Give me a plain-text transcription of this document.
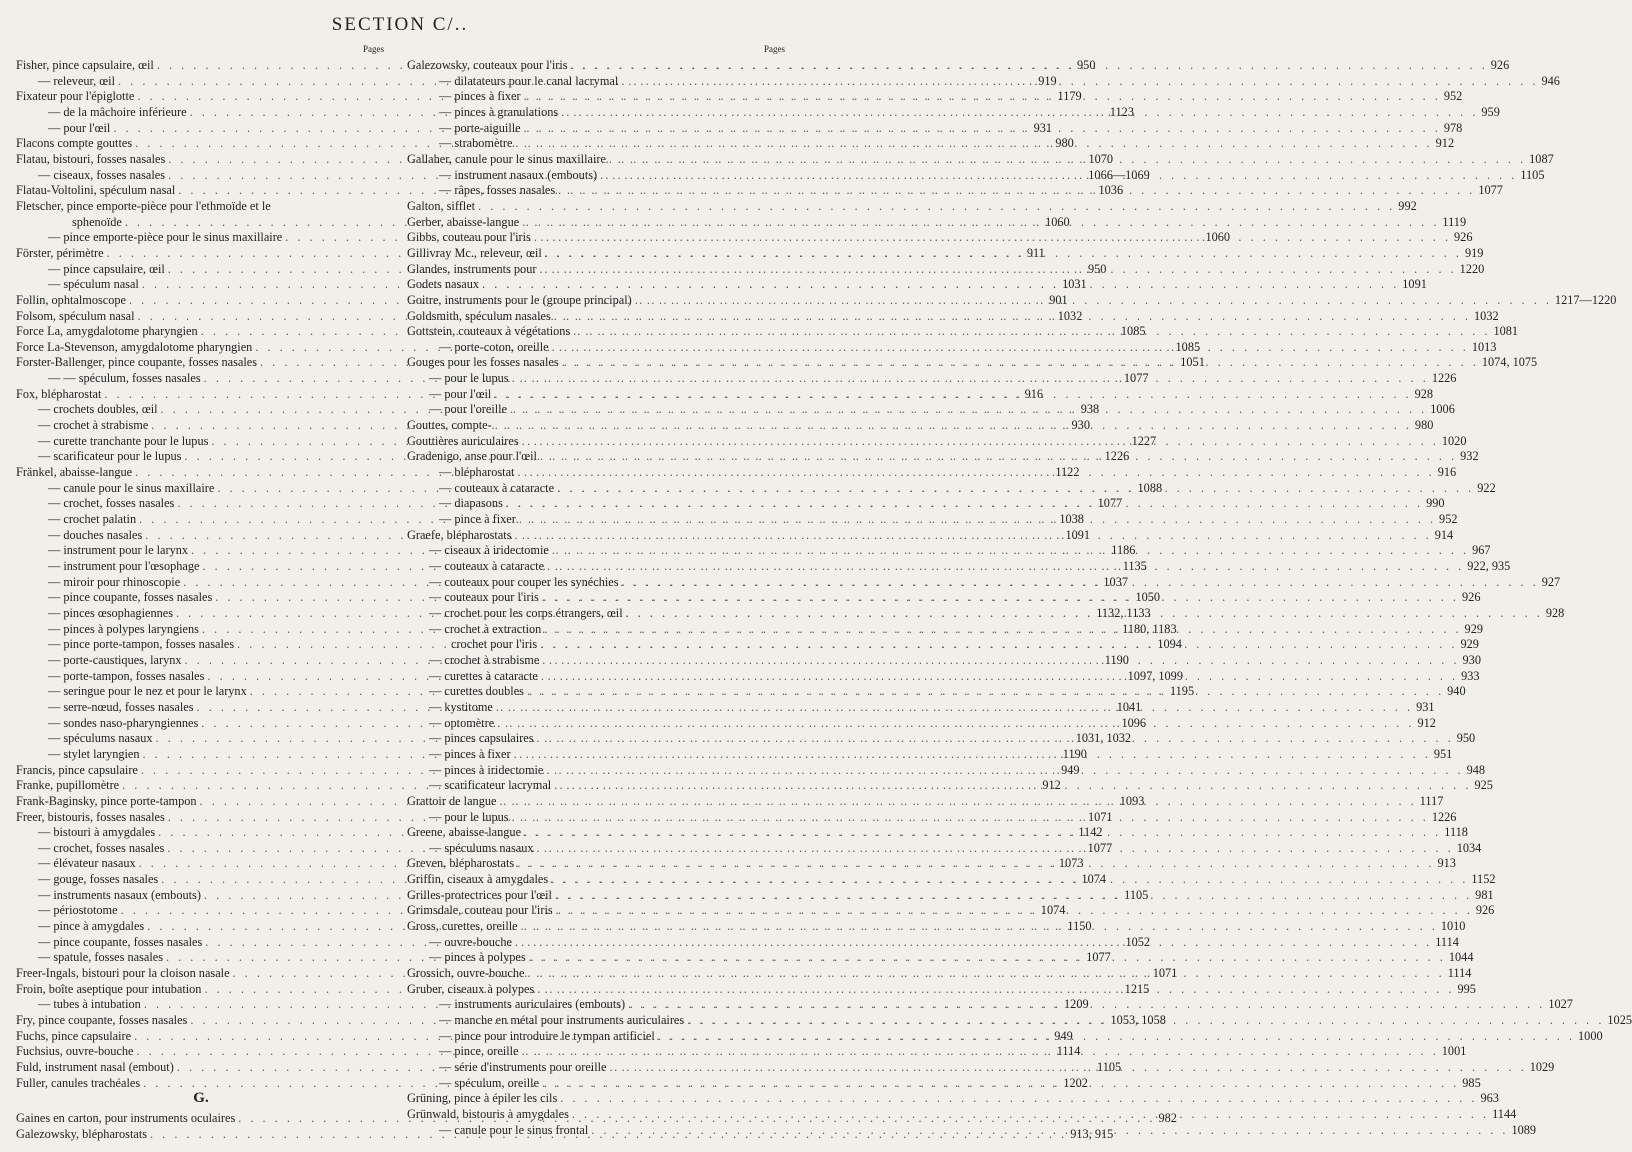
SECTION C/..
Pages
Fisher, pince capsulaire, œil . . .	950
— releveur, œil . . .	919
Fixateur pour l'épiglotte . . .	1179
— de la mâchoire inférieure . . .	1123
— pour l'œil . . .	931
Flacons compte gouttes . . .	980
Flatau, bistouri, fosses nasales . . .	1070
— ciseaux, fosses nasales . . .	1066—1069
Flatau-Voltolini, spéculum nasal . . .	1036
Fletscher, pince emporte-pièce pour l'ethmoïde et le
sphenoïde . . .	1060
— pince emporte-pièce pour le sinus maxillaire . . .	1060
Förster, périmètre . . .	911
— pince capsulaire, œil . . .	950
— spéculum nasal . . .	1031
Follin, ophtalmoscope . . .	901
Folsom, spéculum nasal . . .	1032
Force La, amygdalotome pharyngien . . .	1085
Force La-Stevenson, amygdalotome pharyngien . . .	1085
Forster-Ballenger, pince coupante, fosses nasales . . .	1051
— — spéculum, fosses nasales . . .	1077
Fox, blépharostat . . .	916
— crochets doubles, œil . . .	938
— crochet à strabisme . . .	930
— curette tranchante pour le lupus . . .	1227
— scarificateur pour le lupus . . .	1226
Fränkel, abaisse-langue . . .	1122
— canule pour le sinus maxillaire . . .	1088
— crochet, fosses nasales . . .	1077
— crochet palatin . . .	1038
— douches nasales . . .	1091
— instrument pour le larynx . . .	1186
— instrument pour l'œsophage . . .	1135
— miroir pour rhinoscopie . . .	1037
— pince coupante, fosses nasales . . .	1050
— pinces œsophagiennes . . .	1132, 1133
— pinces à polypes laryngiens . . .	1180, 1183
— pince porte-tampon, fosses nasales . . .	1094
— porte-caustiques, larynx . . .	1190
— porte-tampon, fosses nasales . . .	1097, 1099
— seringue pour le nez et pour le larynx . . .	1195
— serre-nœud, fosses nasales . . .	1041
— sondes naso-pharyngiennes . . .	1096
— spéculums nasaux . . .	1031, 1032
— stylet laryngien . . .	1190
Francis, pince capsulaire . . .	949
Franke, pupillomètre . . .	912
Frank-Baginsky, pince porte-tampon . . .	1093
Freer, bistouris, fosses nasales . . .	1071
— bistouri à amygdales . . .	1142
— crochet, fosses nasales . . .	1077
— élévateur nasaux . . .	1073
— gouge, fosses nasales . . .	1074
— instruments nasaux (embouts) . . .	1105
— périostotome . . .	1074
— pince à amygdales . . .	1150
— pince coupante, fosses nasales . . .	1052
— spatule, fosses nasales . . .	1077
Freer-Ingals, bistouri pour la cloison nasale . . .	1071
Froin, boîte aseptique pour intubation . . .	1215
— tubes à intubation . . .	1209
Fry, pince coupante, fosses nasales . . .	1053, 1058
Fuchs, pince capsulaire . . .	949
Fuchsius, ouvre-bouche . . .	1114
Fuld, instrument nasal (embout) . . .	1105
Fuller, canules trachéales . . .	1202
G.
Gaines en carton, pour instruments oculaires . . .	982
Galezowsky, blépharostats . . .	913, 915
Pages
Galezowsky, couteaux pour l'iris . . .	926
— dilatateurs pour le canal lacrymal . . .	946
— pinces à fixer . . .	952
— pinces à granulations . . .	959
— porte-aiguille . . .	978
— strabomètre . . .	912
Gallaher, canule pour le sinus maxillaire . . .	1087
— instrument nasaux (embouts) . . .	1105
— râpes, fosses nasales . . .	1077
Galton, sifflet . . .	992
Gerber, abaisse-langue . . .	1119
Gibbs, couteau pour l'iris . . .	926
Gillivray Mc., releveur, œil . . .	919
Glandes, instruments pour . . .	1220
Godets nasaux . . .	1091
Goitre, instruments pour le (groupe principal) . . .	1217—1220
Goldsmith, spéculum nasales . . .	1032
Gottstein, couteaux à végétations . . .	1081
— porte-coton, oreille . . .	1013
Gouges pour les fosses nasales . . .	1074, 1075
— pour le lupus . . .	1226
— pour l'œil . . .	928
— pour l'oreille . . .	1006
Gouttes, compte- . . .	980
Gouttières auriculaires . . .	1020
Gradenigo, anse pour l'œil . . .	932
— blépharostat . . .	916
— couteaux à cataracte . . .	922
— diapasons . . .	990
— pince à fixer . . .	952
Graefe, blépharostats . . .	914
— ciseaux à iridectomie . . .	967
— couteaux à cataracte . . .	922, 935
— couteaux pour couper les synéchies . . .	927
— couteaux pour l'iris . . .	926
— crochet pour les corps étrangers, œil . . .	928
— crochet à extraction . . .	929
crochet pour l'iris . . .	929
— crochet à strabisme . . .	930
— curettes à cataracte . . .	933
— curettes doubles . . .	940
— kystitome . . .	931
— optomètre . . .	912
— pinces capsulaires . . .	950
— pinces à fixer . . .	951
— pinces à iridectomie . . .	948
— scarificateur lacrymal . . .	925
Grattoir de langue . . .	1117
— pour le lupus . . .	1226
Greene, abaisse-langue . . .	1118
— spéculums nasaux . . .	1034
Greven, blépharostats . . .	913
Griffin, ciseaux à amygdales . . .	1152
Grilles-protectrices pour l'œil . . .	981
Grimsdale, couteau pour l'iris . . .	926
Gross, curettes, oreille . . .	1010
— ouvre-bouche . . .	1114
— pinces à polypes . . .	1044
Grossich, ouvre-bouche . . .	1114
Gruber, ciseaux à polypes . . .	995
— instruments auriculaires (embouts) . . .	1027
— manche en métal pour instruments auriculaires . . .	1025
— pince pour introduire le tympan artificiel . . .	1000
— pince, oreille . . .	1001
— série d'instruments pour oreille . . .	1029
— spéculum, oreille . . .	985
Grüning, pince à épiler les cils . . .	963
Grünwald, bistouris à amygdales . . .	1144
— canule pour le sinus frontal . . .	1089
